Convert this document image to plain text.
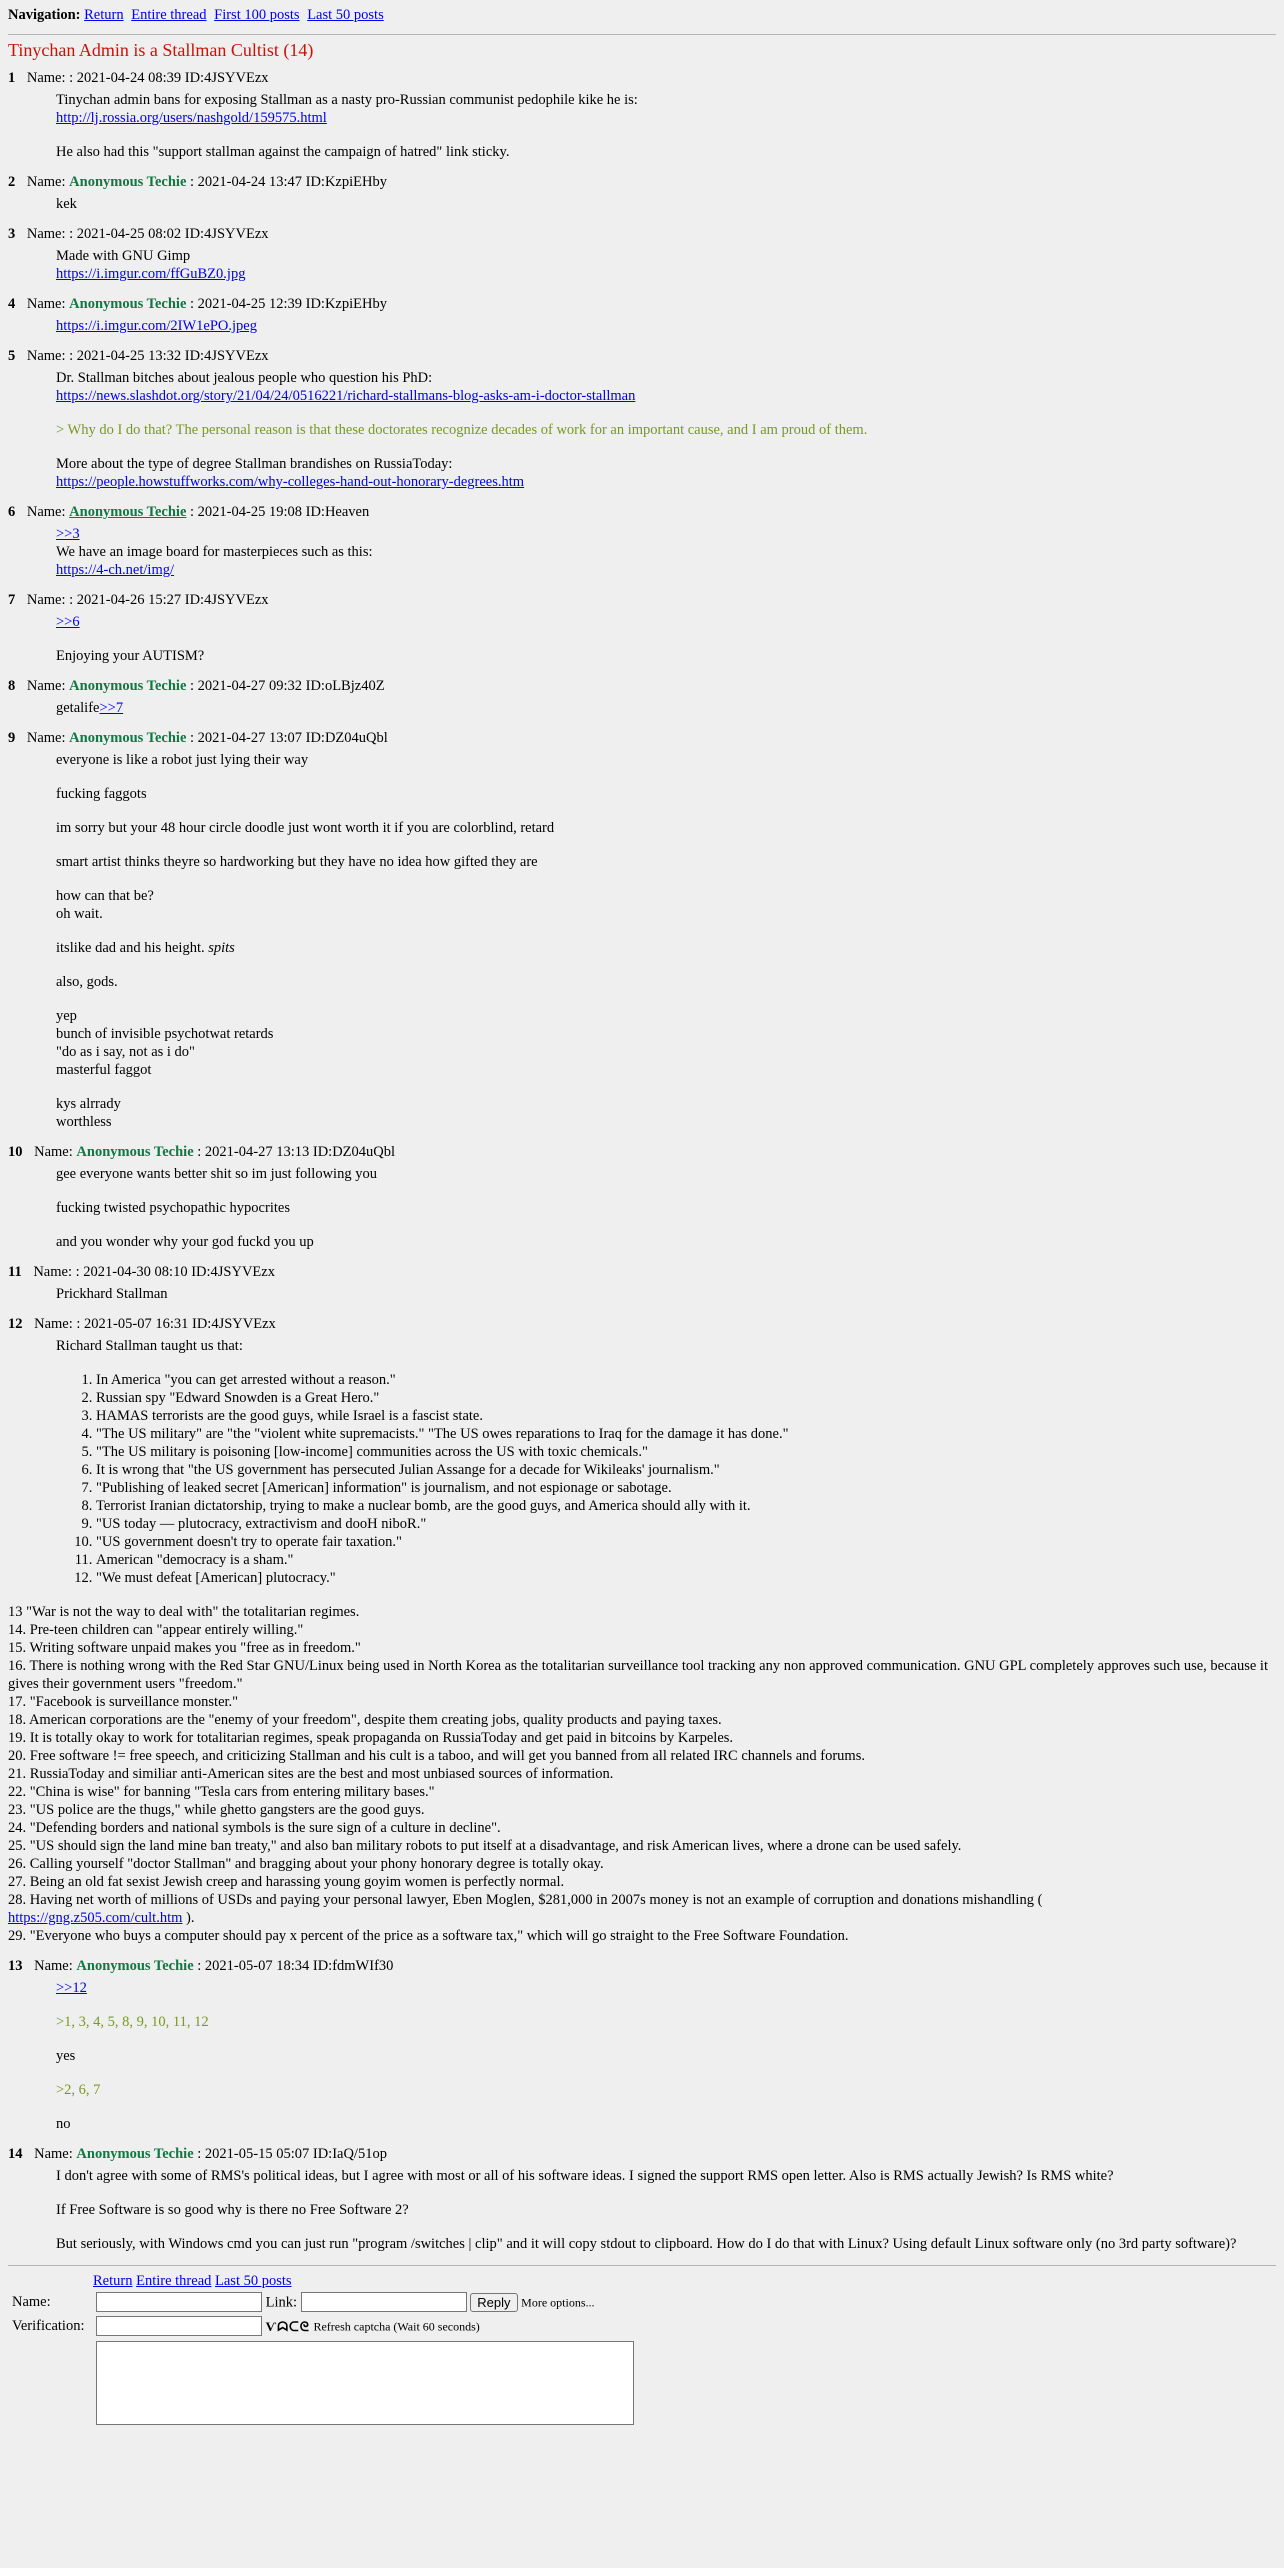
Navigation: Return Entire thread First 100 posts Last 50 posts
Tinychan Admin is a Stallman Cultist (14)
1 Name: : 2021-04-24 08:39 ID:4JSYVEzx

Tinychan admin bans for exposing Stallman as a nasty pro-Russian communist pedophile kike he is:
http://lj.rossia.org/users/nashgold/159575.html

He also had this "support stallman against the campaign of hatred" link sticky.

2 Name: Anonymous Techie : 2021-04-24 13:47 ID:KzpiEHby

kek

3 Name: : 2021-04-25 08:02 ID:4JSYVEzx

Made with GNU Gimp
https://i.imgur.com/ffGuBZ0.jpg

4 Name: Anonymous Techie : 2021-04-25 12:39 ID:KzpiEHby

https://i.imgur.com/2IW1ePO.jpeg

5 Name: : 2021-04-25 13:32 ID:4JSYVEzx

Dr. Stallman bitches about jealous people who question his PhD:
https://news.slashdot.org/story/21/04/24/0516221/richard-stallmans-blog-asks-am-i-doctor-stallman

> Why do I do that? The personal reason is that these doctorates recognize decades of work for an important cause, and I am proud of them.

More about the type of degree Stallman brandishes on RussiaToday:
https://people.howstuffworks.com/why-colleges-hand-out-honorary-degrees.htm

6 Name: Anonymous Techie : 2021-04-25 19:08 ID:Heaven

>>3
We have an image board for masterpieces such as this:
https://4-ch.net/img/

7 Name: : 2021-04-26 15:27 ID:4JSYVEzx

>>6

Enjoying your AUTISM?

8 Name: Anonymous Techie : 2021-04-27 09:32 ID:oLBjz40Z

getalife>>7

9 Name: Anonymous Techie : 2021-04-27 13:07 ID:DZ04uQbl

everyone is like a robot just lying their way

fucking faggots

im sorry but your 48 hour circle doodle just wont worth it if you are colorblind, retard

smart artist thinks theyre so hardworking but they have no idea how gifted they are

how can that be?
oh wait.

itslike dad and his height. spits

also, gods.

yep
bunch of invisible psychotwat retards
"do as i say, not as i do"
masterful faggot

kys alrrady
worthless

10 Name: Anonymous Techie : 2021-04-27 13:13 ID:DZ04uQbl

gee everyone wants better shit so im just following you

fucking twisted psychopathic hypocrites

and you wonder why your god fuckd you up

11 Name: : 2021-04-30 08:10 ID:4JSYVEzx

Prickhard Stallman

12 Name: : 2021-05-07 16:31 ID:4JSYVEzx

Richard Stallman taught us that:

1. In America "you can get arrested without a reason."
2. Russian spy "Edward Snowden is a Great Hero."
3. HAMAS terrorists are the good guys, while Israel is a fascist state.
4. "The US military" are "the "violent white supremacists." "The US owes reparations to Iraq for the damage it has done."
5. "The US military is poisoning [low-income] communities across the US with toxic chemicals."
6. It is wrong that "the US government has persecuted Julian Assange for a decade for Wikileaks' journalism."
7. "Publishing of leaked secret [American] information" is journalism, and not espionage or sabotage.
8. Terrorist Iranian dictatorship, trying to make a nuclear bomb, are the good guys, and America should ally with it.
9. "US today — plutocracy, extractivism and dooH niboR."
10. "US government doesn't try to operate fair taxation."
11. American "democracy is a sham."
12. "We must defeat [American] plutocracy."
13 "War is not the way to deal with" the totalitarian regimes.
14. Pre-teen children can "appear entirely willing."
15. Writing software unpaid makes you "free as in freedom."
16. There is nothing wrong with the Red Star GNU/Linux being used in North Korea as the totalitarian surveillance tool tracking any non approved communication. GNU GPL completely approves such use, because it gives their government users "freedom."
17. "Facebook is surveillance monster."
18. American corporations are the "enemy of your freedom", despite them creating jobs, quality products and paying taxes.
19. It is totally okay to work for totalitarian regimes, speak propaganda on RussiaToday and get paid in bitcoins by Karpeles.
20. Free software != free speech, and criticizing Stallman and his cult is a taboo, and will get you banned from all related IRC channels and forums.
21. RussiaToday and similiar anti-American sites are the best and most unbiased sources of information.
22. "China is wise" for banning "Tesla cars from entering military bases."
23. "US police are the thugs," while ghetto gangsters are the good guys.
24. "Defending borders and national symbols is the sure sign of a culture in decline".
25. "US should sign the land mine ban treaty," and also ban military robots to put itself at a disadvantage, and risk American lives, where a drone can be used safely.
26. Calling yourself "doctor Stallman" and bragging about your phony honorary degree is totally okay.
27. Being an old fat sexist Jewish creep and harassing young goyim women is perfectly normal.
28. Having net worth of millions of USDs and paying your personal lawyer, Eben Moglen, $281,000 in 2007s money is not an example of corruption and donations mishandling (
https://gng.z505.com/cult.htm ).
29. "Everyone who buys a computer should pay x percent of the price as a software tax," which will go straight to the Free Software Foundation.
13 Name: Anonymous Techie : 2021-05-07 18:34 ID:fdmWIf30

>>12

>1, 3, 4, 5, 8, 9, 10, 11, 12

yes

>2, 6, 7

no

14 Name: Anonymous Techie : 2021-05-15 05:07 ID:IaQ/51op

I don't agree with some of RMS's political ideas, but I agree with most or all of his software ideas. I signed the support RMS open letter. Also is RMS actually Jewish? Is RMS white?

If Free Software is so good why is there no Free Software 2?

But seriously, with Windows cmd you can just run "program /switches | clip" and it will copy stdout to clipboard. How do I do that with Linux? Using default Linux software only (no 3rd party software)?

Return Entire thread Last 50 posts
Name:	Link: Reply More options...
Verification:	Ѵᗣᑕᘓ Refresh captcha (Wait 60 seconds)
